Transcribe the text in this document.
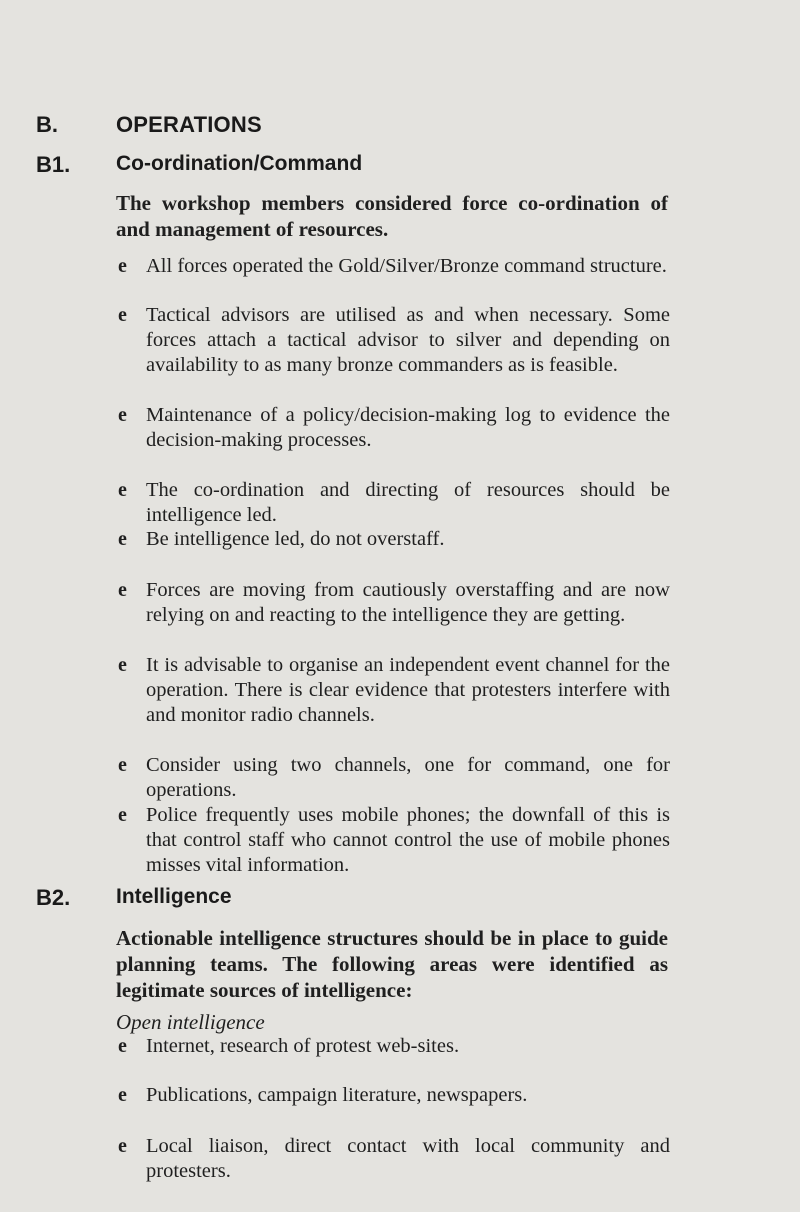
B.	OPERATIONS
B1. Co-ordination/Command
The workshop members considered force co-ordination of and management of resources.
e All forces operated the Gold/Silver/Bronze command structure.
e Tactical advisors are utilised as and when necessary. Some forces attach a tactical advisor to silver and depending on availability to as many bronze commanders as is feasible.
e Maintenance of a policy/decision-making log to evidence the decision-making processes.
e The co-ordination and directing of resources should be intelligence led.
e Be intelligence led, do not overstaff.
e Forces are moving from cautiously overstaffing and are now relying on and reacting to the intelligence they are getting.
e It is advisable to organise an independent event channel for the operation. There is clear evidence that protesters interfere with and monitor radio channels.
e Consider using two channels, one for command, one for operations.
e Police frequently uses mobile phones; the downfall of this is that control staff who cannot control the use of mobile phones misses vital information.
B2. Intelligence
Actionable intelligence structures should be in place to guide planning teams. The following areas were identified as legitimate sources of intelligence:
Open intelligence
e Internet, research of protest web-sites.
e Publications, campaign literature, newspapers.
e Local liaison, direct contact with local community and protesters.
